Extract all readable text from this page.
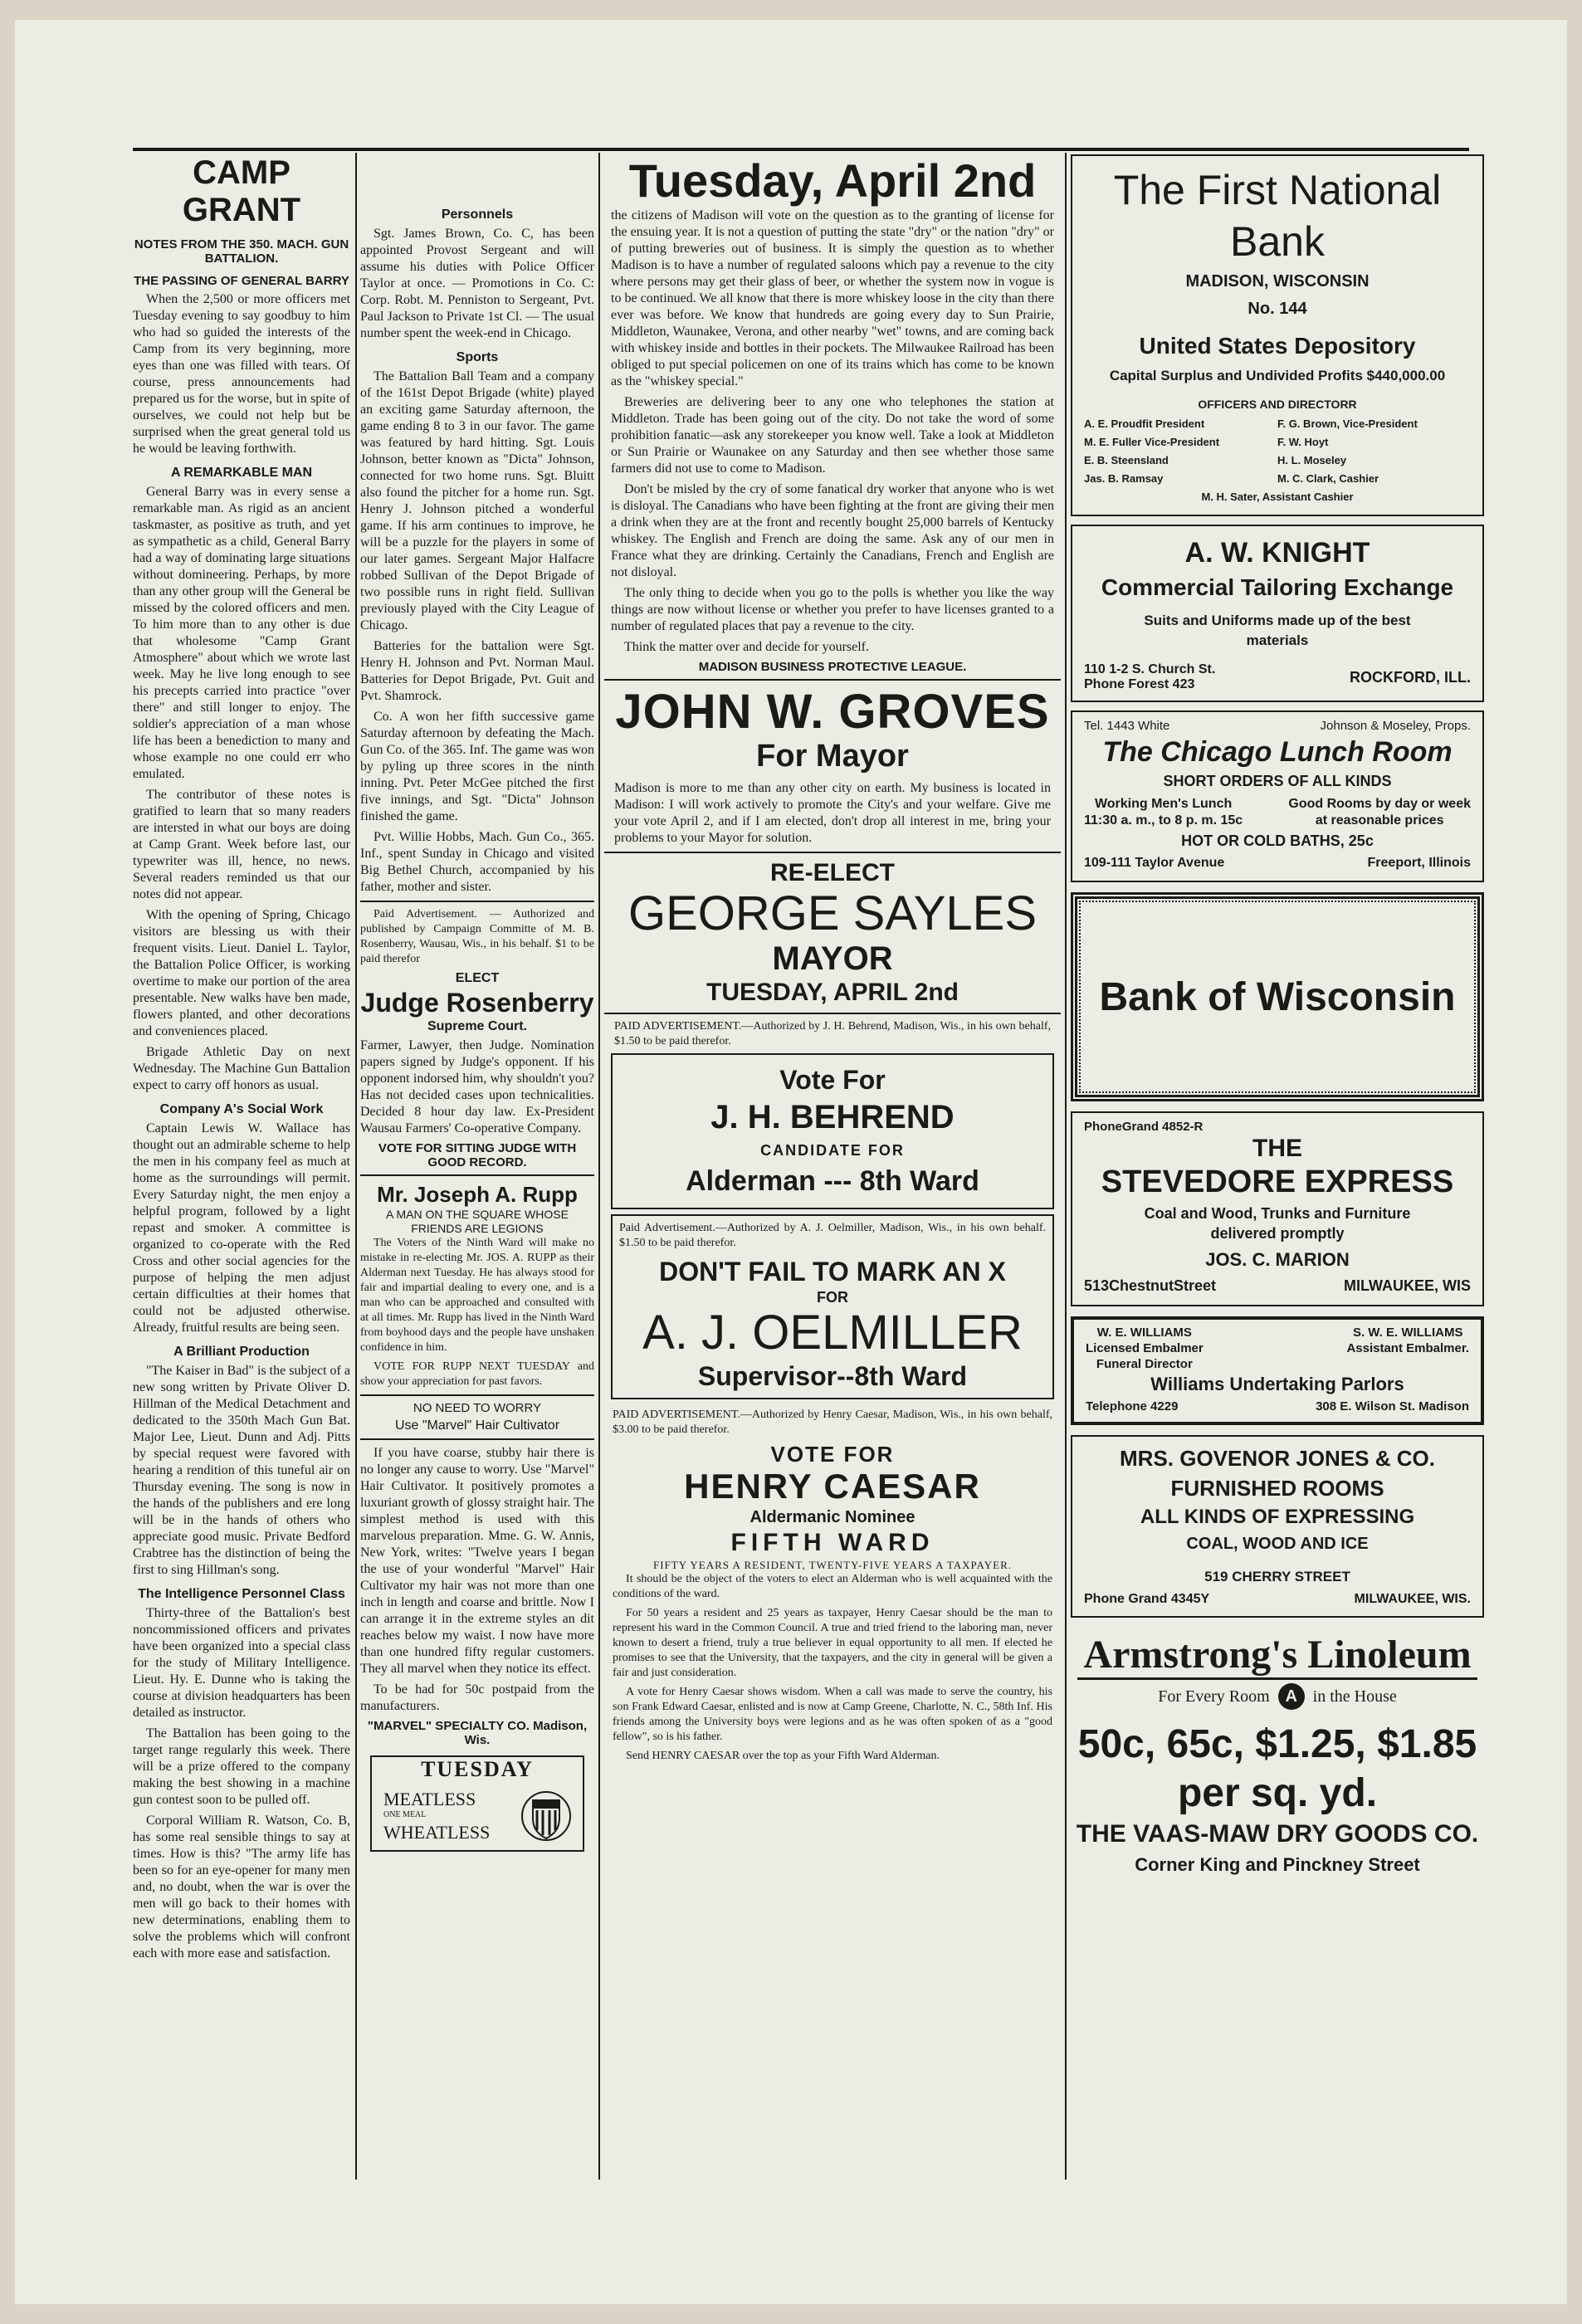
CAMP GRANT
NOTES FROM THE 350. MACH. GUN BATTALION.
THE PASSING OF GENERAL BARRY

When the 2,500 or more officers met Tuesday evening to say goodbuy to him who had so guided the interests of the Camp from its very beginning, more eyes than one was filled with tears. Of course, press announcements had prepared us for the worse, but in spite of ourselves, we could not help but be surprised when the great general told us he would be leaving forthwith.

A REMARKABLE MAN

General Barry was in every sense a remarkable man. As rigid as an ancient taskmaster, as positive as truth, and yet as sympathetic as a child, General Barry had a way of dominating large situations without domineering. Perhaps, by more than any other group will the General be missed by the colored officers and men. To him more than to any other is due that wholesome "Camp Grant Atmosphere" about which we wrote last week. May he live long enough to see his precepts carried into practice "over there" and still longer to enjoy. The soldier's appreciation of a man whose life has been a benediction to many and whose example no one could err who emulated.

The contributor of these notes is gratified to learn that so many readers are intersted in what our boys are doing at Camp Grant. Week before last, our typewriter was ill, hence, no news. Several readers reminded us that our notes did not appear.

With the opening of Spring, Chicago visitors are blessing us with their frequent visits. Lieut. Daniel L. Taylor, the Battalion Police Officer, is working overtime to make our portion of the area presentable. New walks have ben made, flowers planted, and other decorations and conveniences placed.

Brigade Athletic Day on next Wednesday. The Machine Gun Battalion expect to carry off honors as usual.

Company A's Social Work

Captain Lewis W. Wallace has thought out an admirable scheme to help the men in his company feel as much at home as the surroundings will permit. Every Saturday night, the men enjoy a helpful program, followed by a light repast and smoker. A committee is organized to co-operate with the Red Cross and other social agencies for the purpose of helping the men adjust certain difficulties at their homes that could not be adjusted otherwise. Already, fruitful results are being seen.

A Brilliant Production

"The Kaiser in Bad" is the subject of a new song written by Private Oliver D. Hillman of the Medical Detachment and dedicated to the 350th Mach Gun Bat. Major Lee, Lieut. Dunn and Adj. Pitts by special request were favored with hearing a rendition of this tuneful air on Thursday evening. The song is now in the hands of the publishers and ere long will be in the hands of others who appreciate good music. Private Bedford Crabtree has the distinction of being the first to sing Hillman's song.

The Intelligence Personnel Class

Thirty-three of the Battalion's best noncommissioned officers and privates have been organized into a special class for the study of Military Intelligence. Lieut. Hy. E. Dunne who is taking the course at division headquarters has been detailed as instructor.

The Battalion has been going to the target range regularly this week. There will be a prize offered to the company making the best showing in a machine gun contest soon to be pulled off.

Corporal William R. Watson, Co. B, has some real sensible things to say at times. How is this? "The army life has been so for an eye-opener for many men and, no doubt, when the war is over the men will go back to their homes with new determinations, enabling them to solve the problems which will confront each with more ease and satisfaction.

Personnels

Sgt. James Brown, Co. C, has been appointed Provost Sergeant and will assume his duties with Police Officer Taylor at once. — Promotions in Co. C: Corp. Robt. M. Penniston to Sergeant, Pvt. Paul Jackson to Private 1st Cl. — The usual number spent the week-end in Chicago.

Sports

The Battalion Ball Team and a company of the 161st Depot Brigade (white) played an exciting game Saturday afternoon, the game ending 8 to 3 in our favor. The game was featured by hard hitting. Sgt. Louis Johnson, better known as "Dicta" Johnson, connected for two home runs. Sgt. Bluitt also found the pitcher for a home run. Sgt. Henry J. Johnson pitched a wonderful game. If his arm continues to improve, he will be a puzzle for the players in some of our later games. Sergeant Major Halfacre robbed Sullivan of the Depot Brigade of two possible runs in right field. Sullivan previously played with the City League of Chicago.

Batteries for the battalion were Sgt. Henry H. Johnson and Pvt. Norman Maul. Batteries for Depot Brigade, Pvt. Guit and Pvt. Shamrock.

Co. A won her fifth successive game Saturday afternoon by defeating the Mach. Gun Co. of the 365. Inf. The game was won by pyling up three scores in the ninth inning. Pvt. Peter McGee pitched the first five innings, and Sgt. "Dicta" Johnson finished the game.

Pvt. Willie Hobbs, Mach. Gun Co., 365. Inf., spent Sunday in Chicago and visited Big Bethel Church, accompanied by his father, mother and sister.

Paid Advertisement. — Authorized and published by Campaign Committe of M. B. Rosenberry, Wausau, Wis., in his behalf. $1 to be paid therefor

ELECT
Judge Rosenberry
Supreme Court.

Farmer, Lawyer, then Judge. Nomination papers signed by Judge's opponent. If his opponent indorsed him, why shouldn't you? Has not decided cases upon technicalities. Decided 8 hour day law. Ex-President Wausau Farmers' Co-operative Company.

VOTE FOR SITTING JUDGE WITH GOOD RECORD.
Mr. Joseph A. Rupp
A MAN ON THE SQUARE WHOSE FRIENDS ARE LEGIONS

The Voters of the Ninth Ward will make no mistake in re-electing Mr. JOS. A. RUPP as their Alderman next Tuesday. He has always stood for fair and impartial dealing to every one, and is a man who can be approached and consulted with at all times. Mr. Rupp has lived in the Ninth Ward from boyhood days and the people have unshaken confidence in him.

VOTE FOR RUPP NEXT TUESDAY and show your appreciation for past favors.

NO NEED TO WORRY
Use "Marvel" Hair Cultivator

If you have coarse, stubby hair there is no longer any cause to worry. Use "Marvel" Hair Cultivator. It positively promotes a luxuriant growth of glossy straight hair. The simplest method is used with this marvelous preparation. Mme. G. W. Annis, New York, writes: "Twelve years I began the use of your wonderful "Marvel" Hair Cultivator my hair was not more than one inch in length and coarse and brittle. Now I can arrange it in the extreme styles an dit reaches below my waist. I now have more than one hundred fifty regular customers. They all marvel when they notice its effect.

To be had for 50c postpaid from the manufacturers.

"MARVEL" SPECIALTY CO. Madison, Wis.
TUESDAY
MEATLESS
ONE MEAL
WHEATLESS
Tuesday, April 2nd

the citizens of Madison will vote on the question as to the granting of license for the ensuing year. It is not a question of putting the state "dry" or the nation "dry" or of putting breweries out of business. It is simply the question as to whether Madison is to have a number of regulated saloons which pay a revenue to the city where persons may get their glass of beer, or whether the system now in vogue is to be continued. We all know that there is more whiskey loose in the city than there ever was before. We know that hundreds are going every day to Sun Prairie, Middleton, Waunakee, Verona, and other nearby "wet" towns, and are coming back with whiskey inside and bottles in their pockets. The Milwaukee Railroad has been obliged to put special policemen on one of its trains which has come to be known as the "whiskey special."

Breweries are delivering beer to any one who telephones the station at Middleton. Trade has been going out of the city. Do not take the word of some prohibition fanatic—ask any storekeeper you know well. Take a look at Middleton or Sun Prairie or Waunakee on any Saturday and then see whether those same farmers did not use to come to Madison.

Don't be misled by the cry of some fanatical dry worker that anyone who is wet is disloyal. The Canadians who have been fighting at the front are giving their men a drink when they are at the front and recently bought 25,000 barrels of Kentucky whiskey. The English and French are doing the same. Ask any of our men in France what they are drinking. Certainly the Canadians, French and English are not disloyal.

The only thing to decide when you go to the polls is whether you like the way things are now without license or whether you prefer to have licenses granted to a number of regulated places that pay a revenue to the city.

Think the matter over and decide for yourself.

MADISON BUSINESS PROTECTIVE LEAGUE.
JOHN W. GROVES
For Mayor

Madison is more to me than any other city on earth. My business is located in Madison: I will work actively to promote the City's and your welfare. Give me your vote April 2, and if I am elected, don't drop all interest in me, bring your problems to your Mayor for solution.

RE-ELECT
GEORGE SAYLES
MAYOR
TUESDAY, APRIL 2nd

PAID ADVERTISEMENT.—Authorized by J. H. Behrend, Madison, Wis., in his own behalf, $1.50 to be paid therefor.

Vote For
J. H. BEHREND
CANDIDATE FOR
Alderman --- 8th Ward

Paid Advertisement.—Authorized by A. J. Oelmiller, Madison, Wis., in his own behalf. $1.50 to be paid therefor.

DON'T FAIL TO MARK AN X
FOR
A. J. OELMILLER
Supervisor--8th Ward

PAID ADVERTISEMENT.—Authorized by Henry Caesar, Madison, Wis., in his own behalf, $3.00 to be paid therefor.

VOTE FOR
HENRY CAESAR
Aldermanic Nominee
FIFTH WARD
FIFTY YEARS A RESIDENT, TWENTY-FIVE YEARS A TAXPAYER.

It should be the object of the voters to elect an Alderman who is well acquainted with the conditions of the ward.

For 50 years a resident and 25 years as taxpayer, Henry Caesar should be the man to represent his ward in the Common Council. A true and tried friend to the laboring man, never known to desert a friend, truly a true believer in equal opportunity to all men. If elected he promises to see that the University, that the taxpayers, and the city in general will be given a fair and just consideration.

A vote for Henry Caesar shows wisdom. When a call was made to serve the country, his son Frank Edward Caesar, enlisted and is now at Camp Greene, Charlotte, N. C., 58th Inf. His friends among the University boys were legions and as he was often spoken of as a "good fellow", so is his father.

Send HENRY CAESAR over the top as your Fifth Ward Alderman.

The First National Bank
MADISON, WISCONSIN
No. 144
United States Depository
Capital Surplus and Undivided Profits $440,000.00
OFFICERS AND DIRECTORR
A. E. Proudfit President	F. G. Brown, Vice-President
M. E. Fuller Vice-President	F. W. Hoyt
E. B. Steensland	H. L. Moseley
Jas. B. Ramsay	M. C. Clark, Cashier
M. H. Sater, Assistant Cashier
A. W. KNIGHT
Commercial Tailoring Exchange
Suits and Uniforms made up of the best materials
110 1-2 S. Church St.
Phone Forest 423	ROCKFORD, ILL.
Tel. 1443 White	Johnson & Moseley, Props.
The Chicago Lunch Room
SHORT ORDERS OF ALL KINDS
Working Men's Lunch
11:30 a. m., to 8 p. m. 15c
Good Rooms by day or week
at reasonable prices
HOT OR COLD BATHS, 25c
109-111 Taylor Avenue	Freeport, Illinois
Bank of Wisconsin
PhoneGrand 4852-R
THE
STEVEDORE EXPRESS
Coal and Wood, Trunks and Furniture delivered promptly
JOS. C. MARION
513ChestnutStreet	MILWAUKEE, WIS
W. E. WILLIAMS
Licensed Embalmer
Funeral Director
S. W. E. WILLIAMS
Assistant Embalmer.
Williams Undertaking Parlors
Telephone 4229	308 E. Wilson St. Madison
MRS. GOVENOR JONES & CO.
FURNISHED ROOMS
ALL KINDS OF EXPRESSING
COAL, WOOD AND ICE
519 CHERRY STREET
Phone Grand 4345Y	MILWAUKEE, WIS.
Armstrong's Linoleum
For Every Room A in the House
50c, 65c, $1.25, $1.85
per sq. yd.
THE VAAS-MAW DRY GOODS CO.
Corner King and Pinckney Street
